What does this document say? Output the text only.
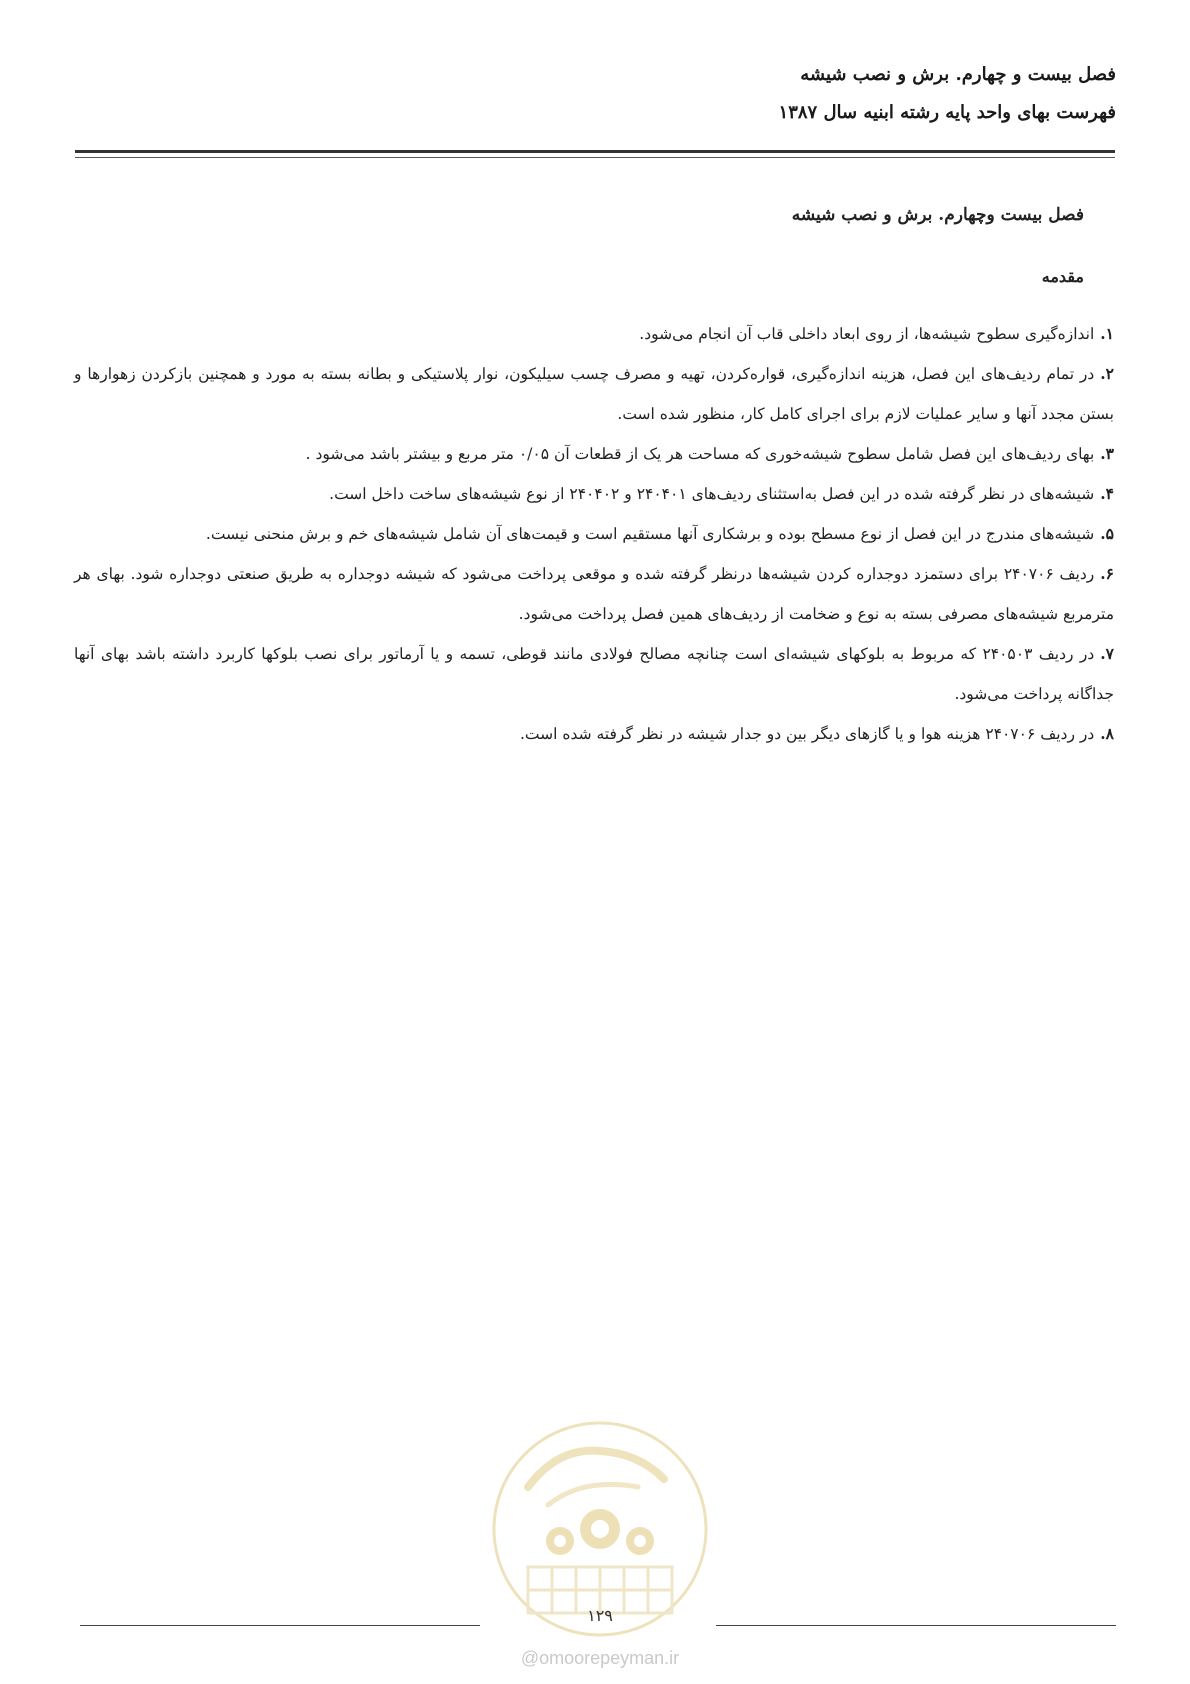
فصل بیست و چهارم. برش و نصب شیشه
فهرست بهای واحد پایه رشته ابنیه سال ۱۳۸۷
فصل بیست وچهارم. برش و نصب شیشه
مقدمه
۱.اندازه‌گیری سطوح شیشه‌ها، از روی ابعاد داخلی قاب آن انجام می‌شود.
۲.در تمام ردیف‌های این فصل، هزینه اندازه‌گیری، قواره‌کردن، تهیه و مصرف چسب سیلیکون، نوار پلاستیکی و بطانه بسته به مورد و همچنین بازکردن زهوارها و بستن مجدد آنها و سایر عملیات لازم برای اجرای کامل کار، منظور شده است.
۳.بهای ردیف‌های این فصل شامل سطوح شیشه‌خوری که مساحت هر یک از قطعات آن ۰/۰۵ متر مربع و بیشتر باشد می‌شود .
۴.شیشه‌های در نظر گرفته شده در این فصل به‌استثنای ردیف‌های ۲۴۰۴۰۱ و ۲۴۰۴۰۲ از نوع شیشه‌های ساخت داخل است.
۵.شیشه‌های مندرج در این فصل از نوع مسطح بوده و برشکاری آنها مستقیم است و قیمت‌های آن شامل شیشه‌های خم و برش منحنی نیست.
۶.ردیف ۲۴۰۷۰۶ برای دستمزد دوجداره کردن شیشه‌ها درنظر گرفته شده و موقعی پرداخت می‌شود که شیشه دوجداره به طریق صنعتی دوجداره شود. بهای هر مترمربع شیشه‌های مصرفی بسته به نوع و ضخامت از ردیف‌های همین فصل پرداخت می‌شود.
۷.در ردیف ۲۴۰۵۰۳ که مربوط به بلوکهای شیشه‌ای است چنانچه مصالح فولادی مانند قوطی، تسمه و یا آرماتور برای نصب بلوکها کاربرد داشته باشد بهای آنها جداگانه پرداخت می‌شود.
۸.در ردیف ۲۴۰۷۰۶ هزینه هوا و یا گازهای دیگر بین دو جدار شیشه در نظر گرفته شده است.
۱۲۹
@omoorepeyman.ir
